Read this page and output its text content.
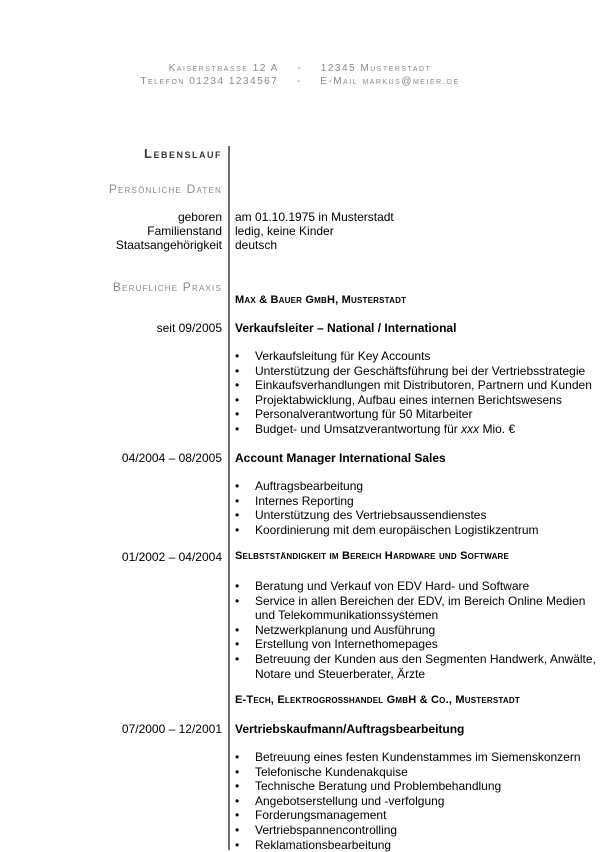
Kaiserstrasse 12 A - 12345 Musterstadt
Telefon 01234 1234567 - E-Mail markus@meier.de
Lebenslauf
Persönliche Daten
geboren am 01.10.1975 in Musterstadt
Familienstand ledig, keine Kinder
Staatsangehörigkeit deutsch
Berufliche Praxis
Max & Bauer GmbH, Musterstadt
seit 09/2005 Verkaufsleiter – National / International
• Verkaufsleitung für Key Accounts
• Unterstützung der Geschäftsführung bei der Vertriebsstrategie
• Einkaufsverhandlungen mit Distributoren, Partnern und Kunden
• Projektabwicklung, Aufbau eines internen Berichtswesens
• Personalverantwortung für 50 Mitarbeiter
• Budget- und Umsatzverantwortung für xxx Mio. €
04/2004 – 08/2005 Account Manager International Sales
• Auftragsbearbeitung
• Internes Reporting
• Unterstützung des Vertriebsaussendienstes
• Koordinierung mit dem europäischen Logistikzentrum
01/2002 – 04/2004 Selbstständigkeit im Bereich Hardware und Software
• Beratung und Verkauf von EDV Hard- und Software
• Service in allen Bereichen der EDV, im Bereich Online Medien und Telekommunikationssystemen
• Netzwerkplanung und Ausführung
• Erstellung von Internethomepages
• Betreuung der Kunden aus den Segmenten Handwerk, Anwälte, Notare und Steuerberater, Ärzte
E-Tech, Elektrogrosshandel GmbH & Co., Musterstadt
07/2000 – 12/2001 Vertriebskaufmann/Auftragsbearbeitung
• Betreuung eines festen Kundenstammes im Siemenskonzern
• Telefonische Kundenakquise
• Technische Beratung und Problembehandlung
• Angebotserstellung und -verfolgung
• Forderungsmanagement
• Vertriebspannencontrolling
• Reklamationsbearbeitung
